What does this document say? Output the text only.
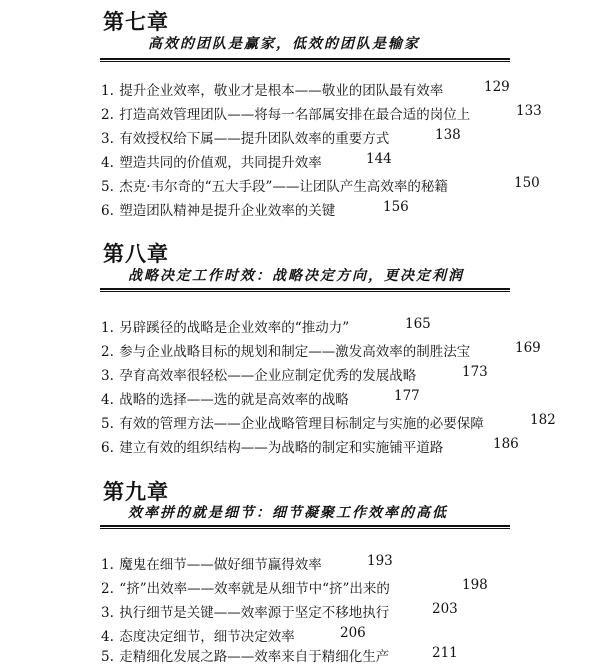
第七章
高效的团队是赢家，低效的团队是输家
1. 提升企业效率，敬业才是根本——敬业的团队最有效率	129
2. 打造高效管理团队——将每一名部属安排在最合适的岗位上	133
3. 有效授权给下属——提升团队效率的重要方式	138
4. 塑造共同的价值观，共同提升效率	144
5. 杰克·韦尔奇的“五大手段”——让团队产生高效率的秘籍	150
6. 塑造团队精神是提升企业效率的关键	156
第八章
战略决定工作时效：战略决定方向，更决定利润
1. 另辟蹊径的战略是企业效率的“推动力”	165
2. 参与企业战略目标的规划和制定——激发高效率的制胜法宝	169
3. 孕育高效率很轻松——企业应制定优秀的发展战略	173
4. 战略的选择——选的就是高效率的战略	177
5. 有效的管理方法——企业战略管理目标制定与实施的必要保障	182
6. 建立有效的组织结构——为战略的制定和实施铺平道路	186
第九章
效率拼的就是细节：细节凝聚工作效率的高低
1. 魔鬼在细节——做好细节赢得效率	193
2. “挤”出效率——效率就是从细节中“挤”出来的	198
3. 执行细节是关键——效率源于坚定不移地执行	203
4. 态度决定细节，细节决定效率	206
5. 走精细化发展之路——效率来自于精细化生产	211
